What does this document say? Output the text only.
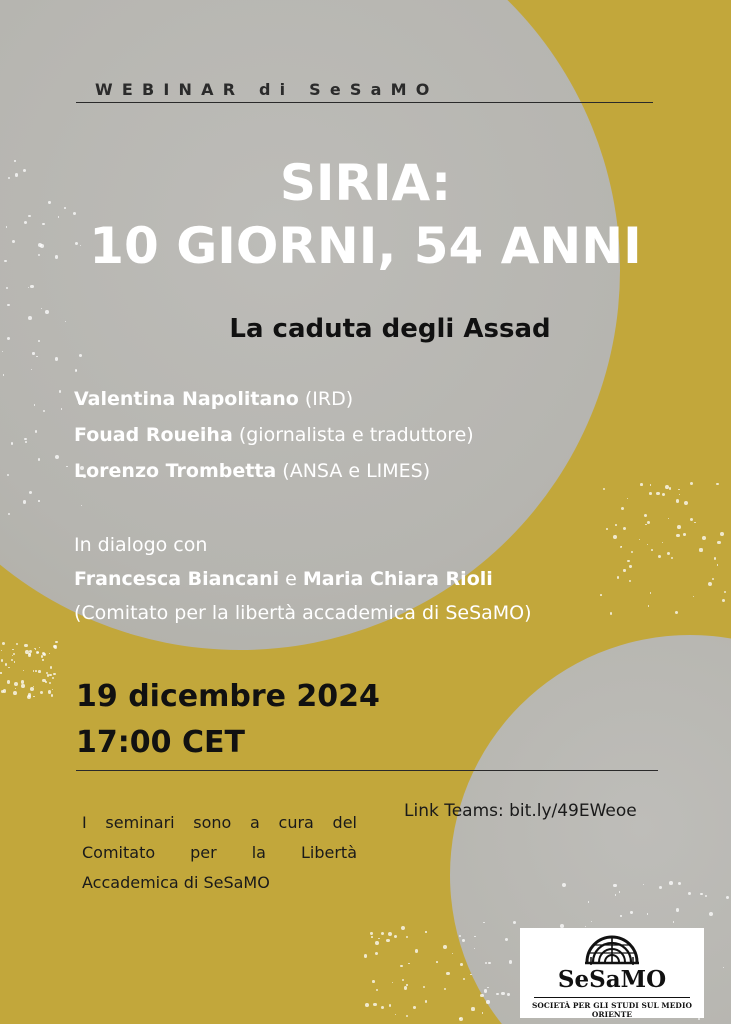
WEBINAR di SeSaMO
SIRIA:
10 GIORNI, 54 ANNI
La caduta degli Assad
Valentina Napolitano (IRD)
Fouad Roueiha (giornalista e traduttore)
Lorenzo Trombetta (ANSA e LIMES)
In dialogo con
Francesca Biancani e Maria Chiara Rioli
(Comitato per la libertà accademica di SeSaMO)
19 dicembre 2024
17:00 CET
I seminari sono a cura del Comitato per la Libertà Accademica di SeSaMO
Link Teams: bit.ly/49EWeoe
SeSaMO
SOCIETÀ PER GLI STUDI SUL MEDIO ORIENTE
